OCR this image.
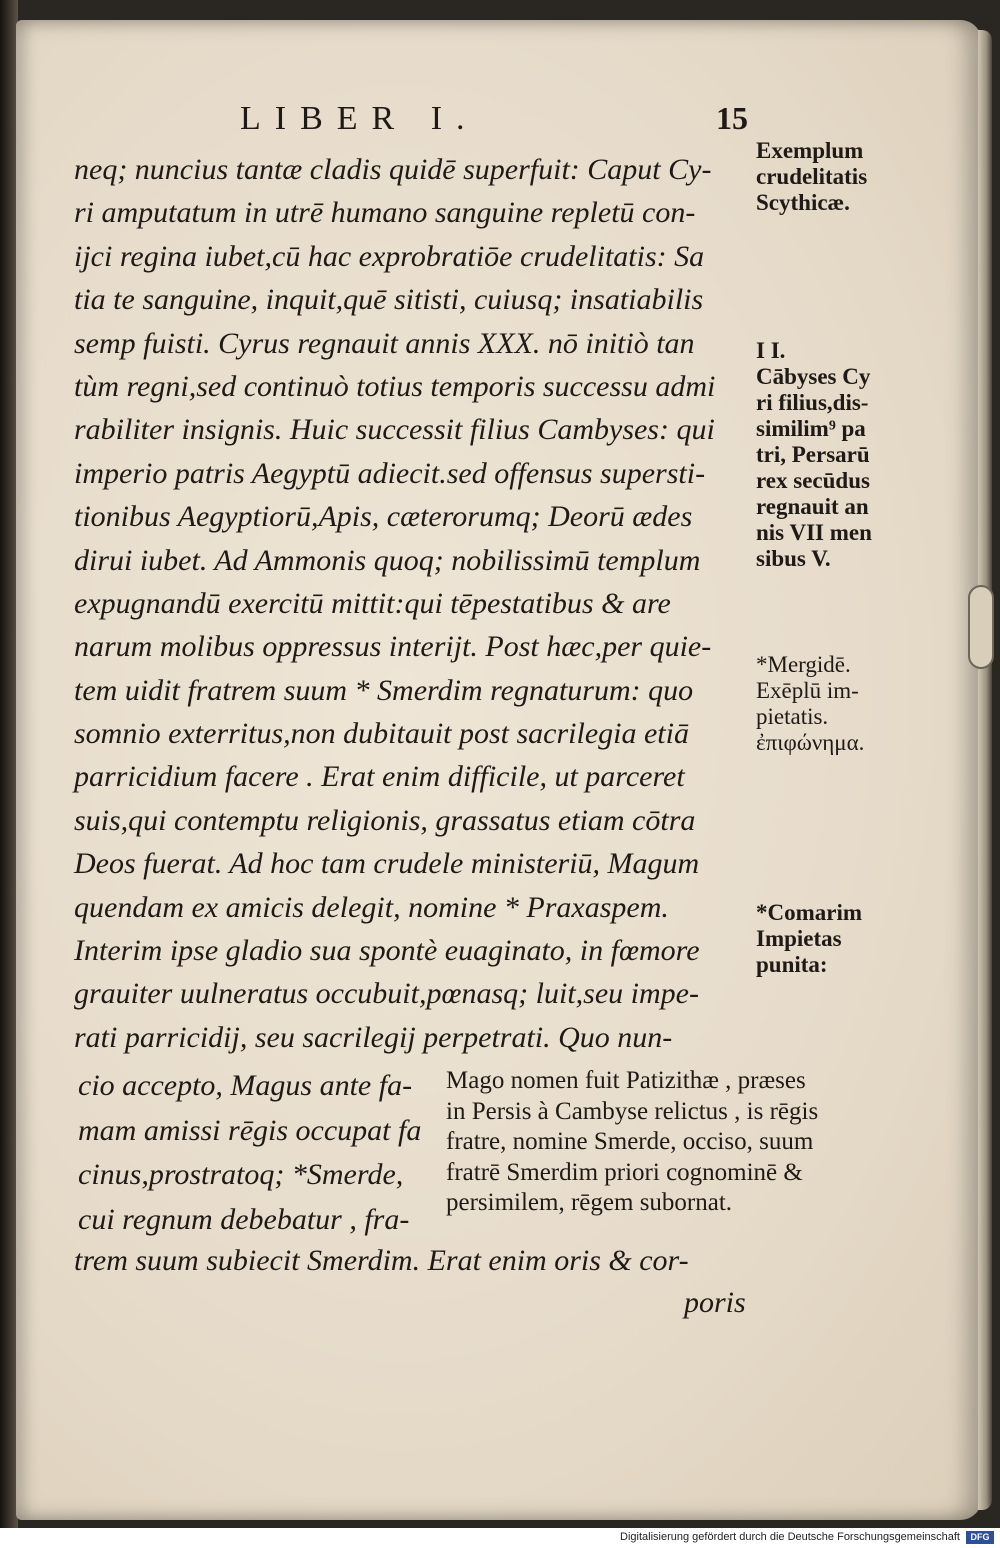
LIBER I.	15
neq; nuncius tantæ cladis quidē superfuit: Caput Cy-
ri amputatum in utrē humano sanguine repletū con-
ijci regina iubet,cū hac exprobratiōe crudelitatis: Sa
tia te sanguine, inquit,quē sitisti, cuiusq; insatiabilis
semp fuisti. Cyrus regnauit annis XXX. nō initiò tan
tùm regni,sed continuò totius temporis successu admi
rabiliter insignis. Huic successit filius Cambyses: qui
imperio patris Aegyptū adiecit.sed offensus supersti-
tionibus Aegyptiorū,Apis, cæterorumq; Deorū ædes
dirui iubet. Ad Ammonis quoq; nobilissimū templum
expugnandū exercitū mittit:qui tēpestatibus & are
narum molibus oppressus interijt. Post hæc,per quie-
tem uidit fratrem suum * Smerdim regnaturum: quo
somnio exterritus,non dubitauit post sacrilegia etiā
parricidium facere . Erat enim difficile, ut parceret
suis,qui contemptu religionis, grassatus etiam cōtra
Deos fuerat. Ad hoc tam crudele ministeriū, Magum
quendam ex amicis delegit, nomine * Praxaspem.
Interim ipse gladio sua spontè euaginato, in fœmore
grauiter uulneratus occubuit,pœnasq; luit,seu impe-
rati parricidij, seu sacrilegij perpetrati. Quo nun-
cio accepto, Magus ante fa-
mam amissi rēgis occupat fa
cinus,prostratoq; *Smerde,
cui regnum debebatur , fra-
Mago nomen fuit Patizithæ , præses
in Persis à Cambyse relictus , is rēgis
fratre, nomine Smerde, occiso, suum
fratrē Smerdim priori cognominē &
persimilem, rēgem subornat.
trem suum subiecit Smerdim. Erat enim oris & cor-
poris
Exemplum
crudelitatis
Scythicæ.
I I.
Cābyses Cy
ri filius,dis-
similim⁹ pa
tri, Persarū
rex secūdus
regnauit an
nis VII men
sibus V.
*Mergidē.
Exēplū im-
pietatis.
ἐπιφώνημα.
*Comarim
Impietas
punita:
Digitalisierung gefördert durch die Deutsche Forschungsgemeinschaft	DFG
